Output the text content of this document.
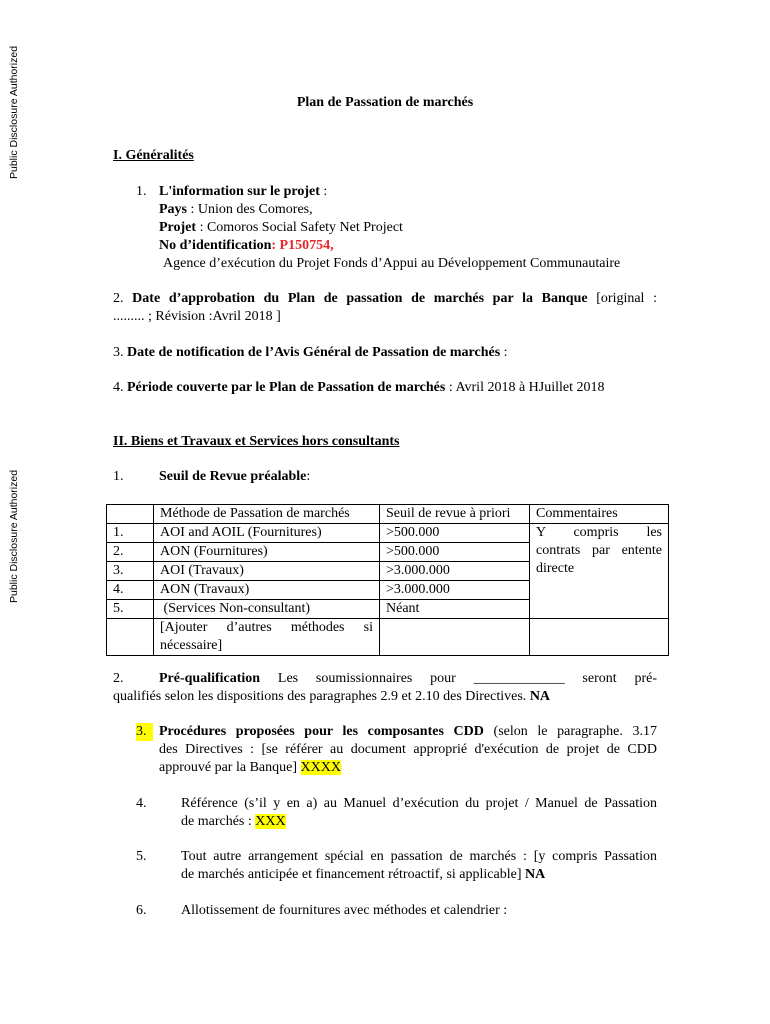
Public Disclosure Authorized
Public Disclosure Authorized
Plan de Passation de marchés
I. Généralités
1. L'information sur le projet :
Pays : Union des Comores,
Projet : Comoros Social Safety Net Project
No d’identification: P150754,
Agence d’exécution du Projet Fonds d’Appui au Développement Communautaire
2. Date d’approbation du Plan de passation de marchés par la Banque [original :
......... ; Révision :Avril 2018 ]
3. Date de notification de l’Avis Général de Passation de marchés :
4. Période couverte par le Plan de Passation de marchés : Avril 2018 à HJuillet 2018
II. Biens et Travaux et Services hors consultants
1.	Seuil de Revue préalable:
	Méthode de Passation de marchés	Seuil de revue à priori	Commentaires
1.	AOI and AOIL (Fournitures)	>500.000	Y compris les
contrats par entente
directe

2.	AON (Fournitures)	>500.000	
3.	AOI (Travaux)	>3.000.000	
4.	AON (Travaux)	>3.000.000	
5.	(Services Non-consultant)	Néant	
	[Ajouter d’autres méthodes si nécessaire]		
2.	Pré-qualification Les soumissionnaires pour _____________ seront pré-
qualifiés selon les dispositions des paragraphes 2.9 et 2.10 des Directives. NA
3. Procédures proposées pour les composantes CDD (selon le paragraphe. 3.17
des Directives : [se référer au document approprié d'exécution de projet de CDD
approuvé par la Banque] XXXX
4. Référence (s’il y en a) au Manuel d’exécution du projet / Manuel de Passation
de marchés : XXX
5. Tout autre arrangement spécial en passation de marchés : [y compris Passation
de marchés anticipée et financement rétroactif, si applicable] NA
6. Allotissement de fournitures avec méthodes et calendrier :
